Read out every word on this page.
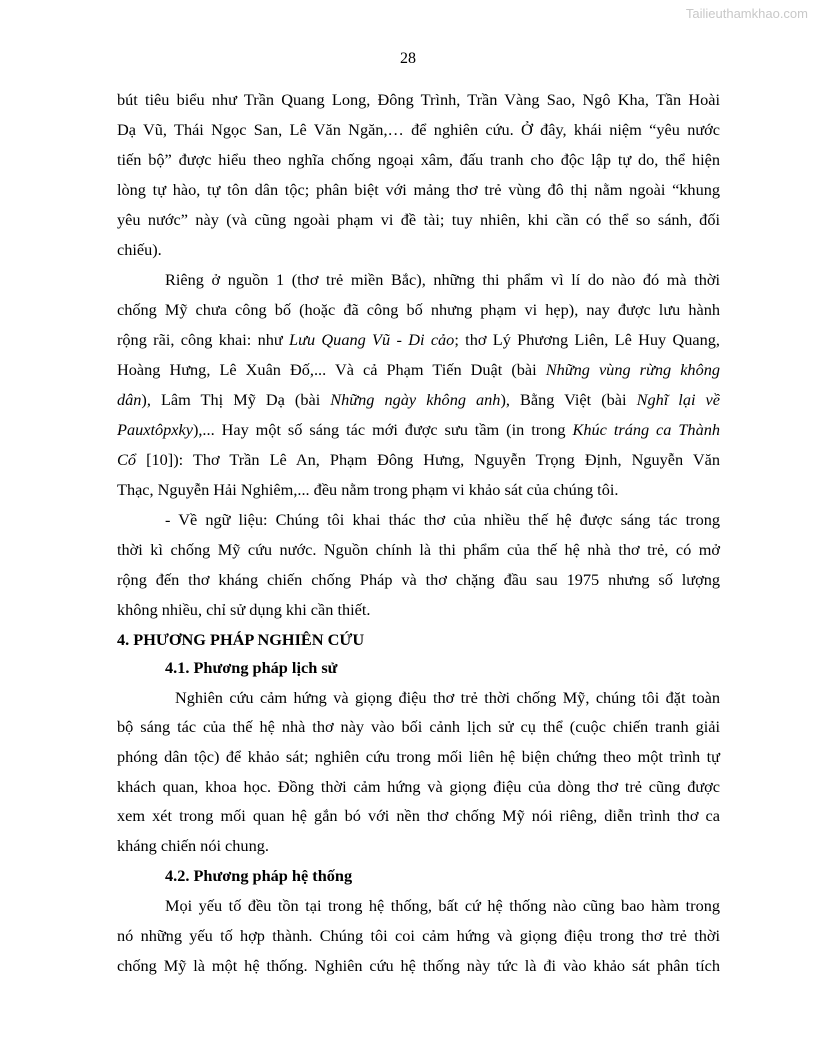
Tailieuthamkhao.com
28
bút tiêu biểu như Trần Quang Long, Đông Trình, Trần Vàng Sao, Ngô Kha, Tần Hoài
Dạ Vũ, Thái Ngọc San, Lê Văn Ngăn,… để nghiên cứu. Ở đây, khái niệm “yêu nước
tiến bộ” được hiểu theo nghĩa chống ngoại xâm, đấu tranh cho độc lập tự do, thể hiện
lòng tự hào, tự tôn dân tộc; phân biệt với mảng thơ trẻ vùng đô thị nằm ngoài “khung
yêu nước” này (và cũng ngoài phạm vi đề tài; tuy nhiên, khi cần có thể so sánh, đối
chiếu).
Riêng ở nguồn 1 (thơ trẻ miền Bắc), những thi phẩm vì lí do nào đó mà thời
chống Mỹ chưa công bố (hoặc đã công bố nhưng phạm vi hẹp), nay được lưu hành
rộng rãi, công khai: như Lưu Quang Vũ - Di cảo; thơ Lý Phương Liên, Lê Huy Quang,
Hoàng Hưng, Lê Xuân Đố,... Và cả Phạm Tiến Duật (bài Những vùng rừng không
dân), Lâm Thị Mỹ Dạ (bài Những ngày không anh), Bằng Việt (bài Nghĩ lại về
Pauxtôpxky),... Hay một số sáng tác mới được sưu tầm (in trong Khúc tráng ca Thành
Cổ [10]): Thơ Trần Lê An, Phạm Đông Hưng, Nguyễn Trọng Định, Nguyễn Văn
Thạc, Nguyễn Hải Nghiêm,... đều nằm trong phạm vi khảo sát của chúng tôi.
- Về ngữ liệu: Chúng tôi khai thác thơ của nhiều thế hệ được sáng tác trong
thời kì chống Mỹ cứu nước. Nguồn chính là thi phẩm của thế hệ nhà thơ trẻ, có mở
rộng đến thơ kháng chiến chống Pháp và thơ chặng đầu sau 1975 nhưng số lượng
không nhiều, chỉ sử dụng khi cần thiết.
4. PHƯƠNG PHÁP NGHIÊN CỨU
4.1. Phương pháp lịch sử
Nghiên cứu cảm hứng và giọng điệu thơ trẻ thời chống Mỹ, chúng tôi đặt toàn
bộ sáng tác của thế hệ nhà thơ này vào bối cảnh lịch sử cụ thể (cuộc chiến tranh giải
phóng dân tộc) để khảo sát; nghiên cứu trong mối liên hệ biện chứng theo một trình tự
khách quan, khoa học. Đồng thời cảm hứng và giọng điệu của dòng thơ trẻ cũng được
xem xét trong mối quan hệ gắn bó với nền thơ chống Mỹ nói riêng, diễn trình thơ ca
kháng chiến nói chung.
4.2. Phương pháp hệ thống
Mọi yếu tố đều tồn tại trong hệ thống, bất cứ hệ thống nào cũng bao hàm trong
nó những yếu tố hợp thành. Chúng tôi coi cảm hứng và giọng điệu trong thơ trẻ thời
chống Mỹ là một hệ thống. Nghiên cứu hệ thống này tức là đi vào khảo sát phân tích
